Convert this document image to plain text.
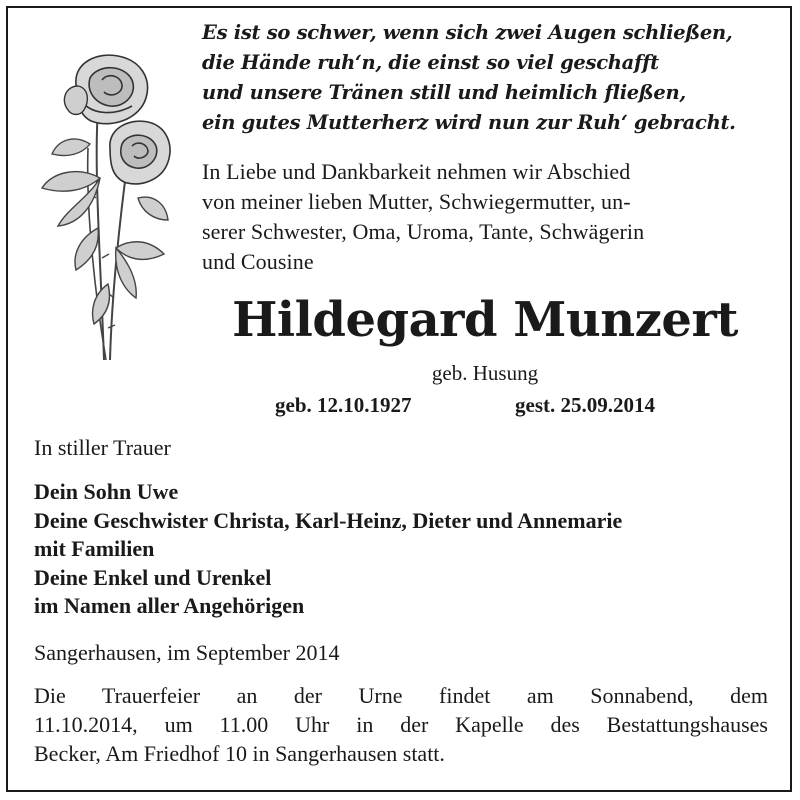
Es ist so schwer, wenn sich zwei Augen schließen,
die Hände ruh‘n, die einst so viel geschafft
und unsere Tränen still und heimlich fließen,
ein gutes Mutterherz wird nun zur Ruh‘ gebracht.
In Liebe und Dankbarkeit nehmen wir Abschied
von meiner lieben Mutter, Schwiegermutter, un-
serer Schwester, Oma, Uroma, Tante, Schwägerin
und Cousine
Hildegard Munzert
geb. Husung
geb. 12.10.1927	gest. 25.09.2014
In stiller Trauer
Dein Sohn Uwe
Deine Geschwister Christa, Karl-Heinz, Dieter und Annemarie
mit Familien
Deine Enkel und Urenkel
im Namen aller Angehörigen
Sangerhausen, im September 2014
Die Trauerfeier an der Urne findet am Sonnabend, dem
11.10.2014, um 11.00 Uhr in der Kapelle des Bestattungshauses
Becker, Am Friedhof 10 in Sangerhausen statt.
